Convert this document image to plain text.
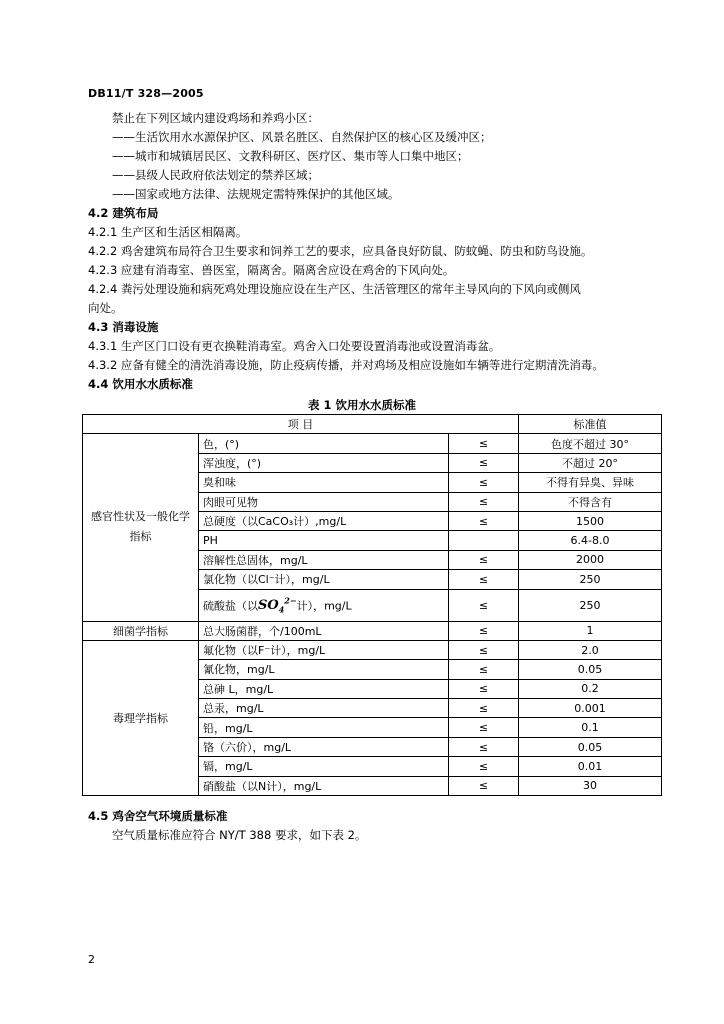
DB11/T 328—2005
禁止在下列区域内建设鸡场和养鸡小区：
——生活饮用水水源保护区、风景名胜区、自然保护区的核心区及缓冲区；
——城市和城镇居民区、文教科研区、医疗区、集市等人口集中地区；
——县级人民政府依法划定的禁养区域；
——国家或地方法律、法规规定需特殊保护的其他区域。
4.2 建筑布局
4.2.1 生产区和生活区相隔离。
4.2.2 鸡舍建筑布局符合卫生要求和饲养工艺的要求，应具备良好防鼠、防蚊蝇、防虫和防鸟设施。
4.2.3 应建有消毒室、兽医室，隔离舍。隔离舍应设在鸡舍的下风向处。
4.2.4 粪污处理设施和病死鸡处理设施应设在生产区、生活管理区的常年主导风向的下风向或侧风
向处。
4.3 消毒设施
4.3.1 生产区门口设有更衣换鞋消毒室。鸡舍入口处要设置消毒池或设置消毒盆。
4.3.2 应备有健全的清洗消毒设施，防止疫病传播，并对鸡场及相应设施如车辆等进行定期清洗消毒。
4.4 饮用水水质标准
表 1 饮用水水质标准
项 目			标准值
感官性状及一般化学指标	色，(°)	≤	色度不超过 30°
	浑浊度，(°)	≤	不超过 20°
	臭和味	≤	不得有异臭、异味
	肉眼可见物	≤	不得含有
	总硬度（以CaCO₃计）,mg/L	≤	1500
	PH		6.4-8.0
	溶解性总固体，mg/L	≤	2000
	氯化物（以Cl⁻计），mg/L	≤	250
	硫酸盐（以$SO_4^{2-}$计），mg/L	≤	250
细菌学指标	总大肠菌群，个/100mL	≤	1
毒理学指标	氟化物（以F⁻计），mg/L	≤	2.0
	氰化物，mg/L	≤	0.05
	总砷 L，mg/L	≤	0.2
	总汞，mg/L	≤	0.001
	铅，mg/L	≤	0.1
	铬（六价），mg/L	≤	0.05
	镉，mg/L	≤	0.01
	硝酸盐（以N计），mg/L	≤	30
4.5 鸡舍空气环境质量标准
空气质量标准应符合 NY/T 388 要求，如下表 2。
2
